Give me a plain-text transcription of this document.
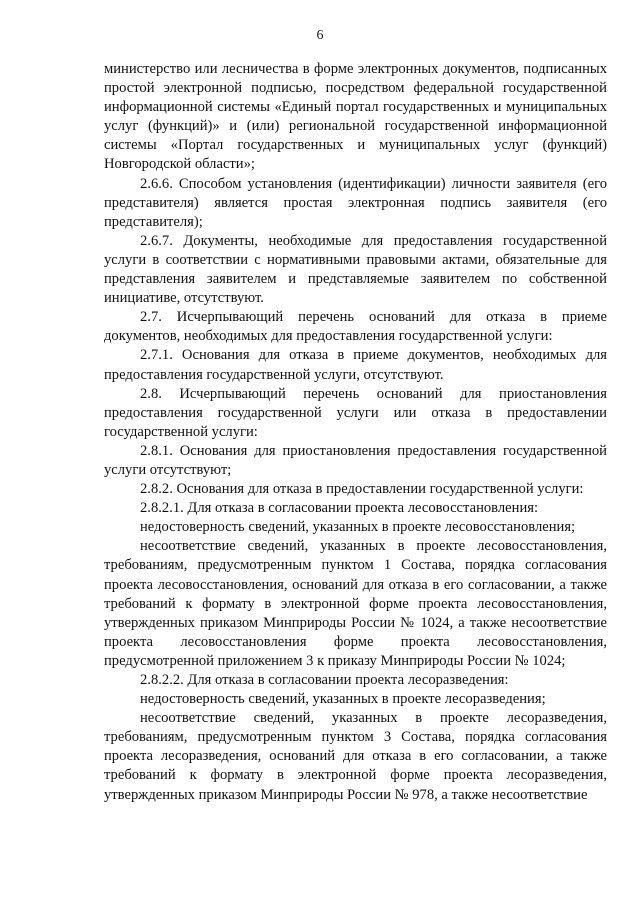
6

министерство или лесничества в форме электронных документов, подписанных простой электронной подписью, посредством федеральной государственной информационной системы «Единый портал государственных и муниципальных услуг (функций)» и (или) региональной государственной информационной системы «Портал государственных и муниципальных услуг (функций) Новгородской области»;

2.6.6. Способом установления (идентификации) личности заявителя (его представителя) является простая электронная подпись заявителя (его представителя);

2.6.7. Документы, необходимые для предоставления государственной услуги в соответствии с нормативными правовыми актами, обязательные для представления заявителем и представляемые заявителем по собственной инициативе, отсутствуют.

2.7. Исчерпывающий перечень оснований для отказа в приеме документов, необходимых для предоставления государственной услуги:

2.7.1. Основания для отказа в приеме документов, необходимых для предоставления государственной услуги, отсутствуют.

2.8. Исчерпывающий перечень оснований для приостановления предоставления государственной услуги или отказа в предоставлении государственной услуги:

2.8.1. Основания для приостановления предоставления государственной услуги отсутствуют;

2.8.2. Основания для отказа в предоставлении государственной услуги:

2.8.2.1. Для отказа в согласовании проекта лесовосстановления:

недостоверность сведений, указанных в проекте лесовосстановления;

несоответствие сведений, указанных в проекте лесовосстановления, требованиям, предусмотренным пунктом 1 Состава, порядка согласования проекта лесовосстановления, оснований для отказа в его согласовании, а также требований к формату в электронной форме проекта лесовосстановления, утвержденных приказом Минприроды России № 1024, а также несоответствие проекта лесовосстановления форме проекта лесовосстановления, предусмотренной приложением 3 к приказу Минприроды России № 1024;

2.8.2.2. Для отказа в согласовании проекта лесоразведения:

недостоверность сведений, указанных в проекте лесоразведения;

несоответствие сведений, указанных в проекте лесоразведения, требованиям, предусмотренным пунктом 3 Состава, порядка согласования проекта лесоразведения, оснований для отказа в его согласовании, а также требований к формату в электронной форме проекта лесоразведения, утвержденных приказом Минприроды России № 978, а также несоответствие
